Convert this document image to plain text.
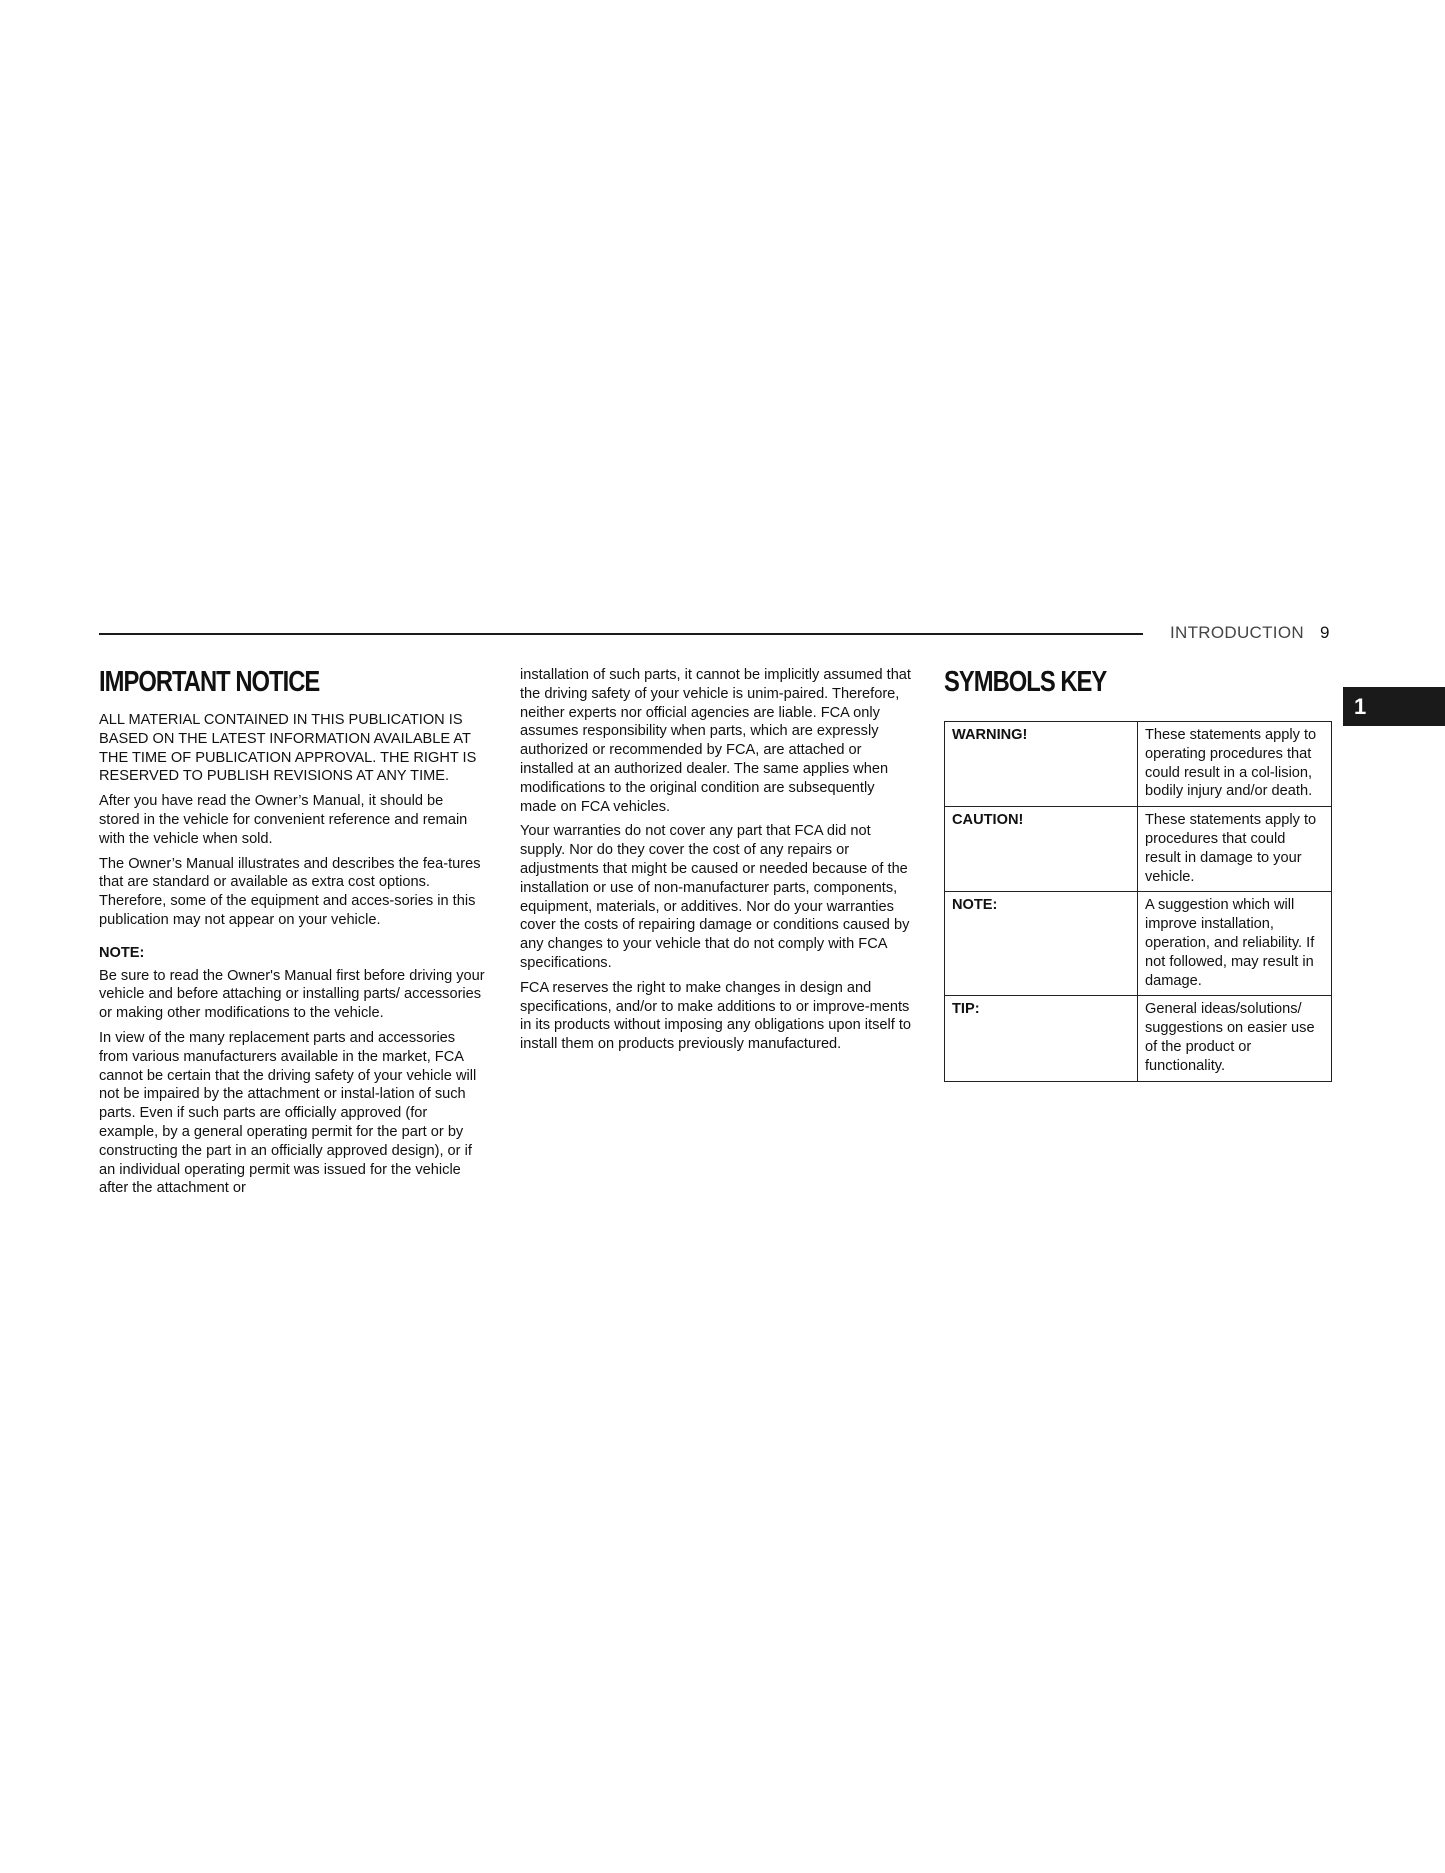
INTRODUCTION 9
1
IMPORTANT NOTICE

ALL MATERIAL CONTAINED IN THIS PUBLICATION IS BASED ON THE LATEST INFORMATION AVAILABLE AT THE TIME OF PUBLICATION APPROVAL. THE RIGHT IS RESERVED TO PUBLISH REVISIONS AT ANY TIME.

After you have read the Owner’s Manual, it should be stored in the vehicle for convenient reference and remain with the vehicle when sold.

The Owner’s Manual illustrates and describes the fea-tures that are standard or available as extra cost options. Therefore, some of the equipment and acces-sories in this publication may not appear on your vehicle.

NOTE:

Be sure to read the Owner's Manual first before driving your vehicle and before attaching or installing parts/ accessories or making other modifications to the vehicle.

In view of the many replacement parts and accessories from various manufacturers available in the market, FCA cannot be certain that the driving safety of your vehicle will not be impaired by the attachment or instal-lation of such parts. Even if such parts are officially approved (for example, by a general operating permit for the part or by constructing the part in an officially approved design), or if an individual operating permit was issued for the vehicle after the attachment or

installation of such parts, it cannot be implicitly assumed that the driving safety of your vehicle is unim-paired. Therefore, neither experts nor official agencies are liable. FCA only assumes responsibility when parts, which are expressly authorized or recommended by FCA, are attached or installed at an authorized dealer. The same applies when modifications to the original condition are subsequently made on FCA vehicles.

Your warranties do not cover any part that FCA did not supply. Nor do they cover the cost of any repairs or adjustments that might be caused or needed because of the installation or use of non-manufacturer parts, components, equipment, materials, or additives. Nor do your warranties cover the costs of repairing damage or conditions caused by any changes to your vehicle that do not comply with FCA specifications.

FCA reserves the right to make changes in design and specifications, and/or to make additions to or improve-ments in its products without imposing any obligations upon itself to install them on products previously manufactured.

SYMBOLS KEY
WARNING!	These statements apply to operating procedures that could result in a col-lision, bodily injury and/or death.
CAUTION!	These statements apply to procedures that could result in damage to your vehicle.
NOTE:	A suggestion which will improve installation, operation, and reliability. If not followed, may result in damage.
TIP:	General ideas/solutions/ suggestions on easier use of the product or functionality.
